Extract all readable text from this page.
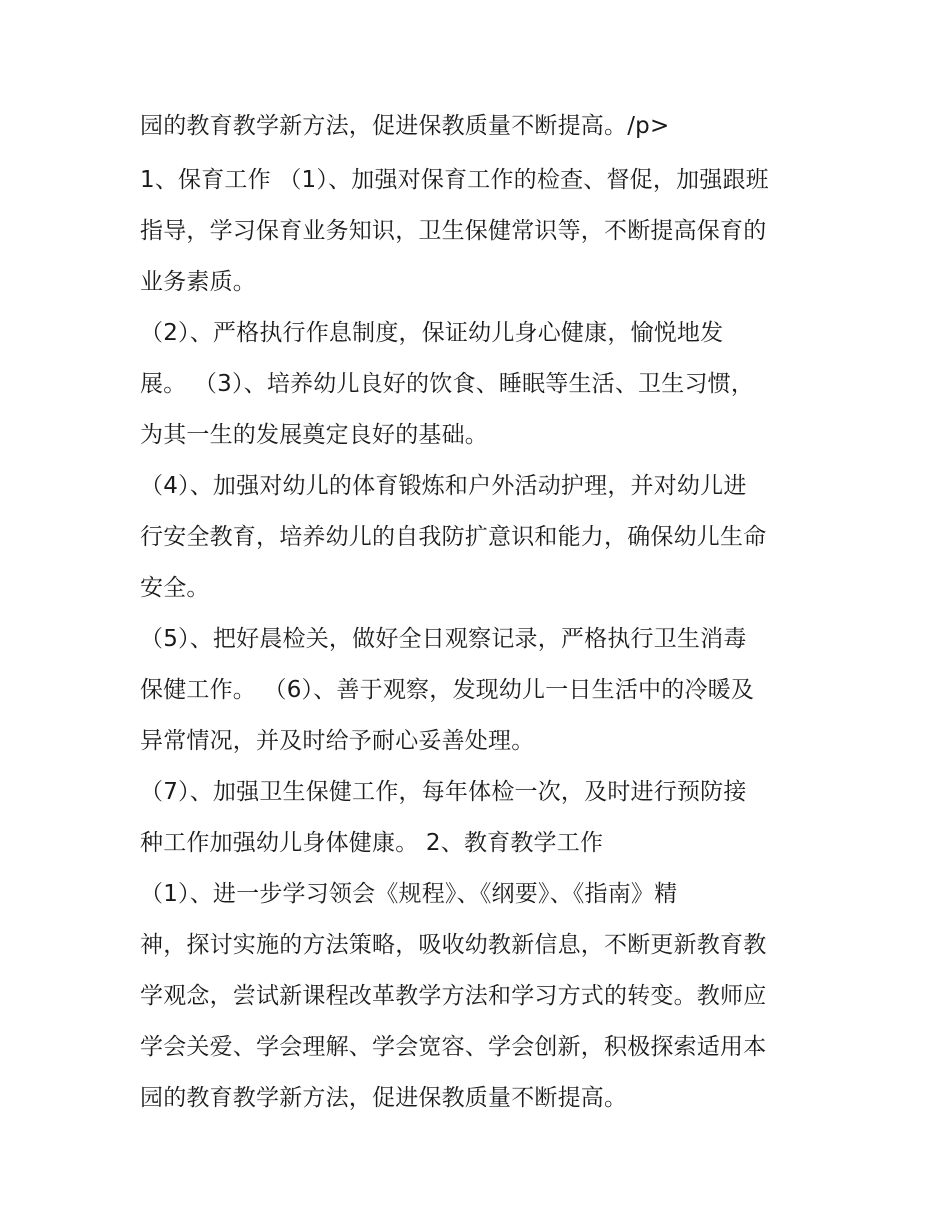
园的教育教学新方法，促进保教质量不断提高。/p>
1、保育工作 （1）、加强对保育工作的检查、督促，加强跟班
指导，学习保育业务知识，卫生保健常识等，不断提高保育的
业务素质。
（2）、严格执行作息制度，保证幼儿身心健康，愉悦地发
展。 （3）、培养幼儿良好的饮食、睡眠等生活、卫生习惯，
为其一生的发展奠定良好的基础。
（4）、加强对幼儿的体育锻炼和户外活动护理，并对幼儿进
行安全教育，培养幼儿的自我防扩意识和能力，确保幼儿生命
安全。
（5）、把好晨检关，做好全日观察记录，严格执行卫生消毒
保健工作。 （6）、善于观察，发现幼儿一日生活中的冷暖及
异常情况，并及时给予耐心妥善处理。
（7）、加强卫生保健工作，每年体检一次，及时进行预防接
种工作加强幼儿身体健康。 2、教育教学工作
（1）、进一步学习领会《规程》、《纲要》、《指南》精
神，探讨实施的方法策略，吸收幼教新信息，不断更新教育教
学观念，尝试新课程改革教学方法和学习方式的转变。教师应
学会关爱、学会理解、学会宽容、学会创新，积极探索适用本
园的教育教学新方法，促进保教质量不断提高。
